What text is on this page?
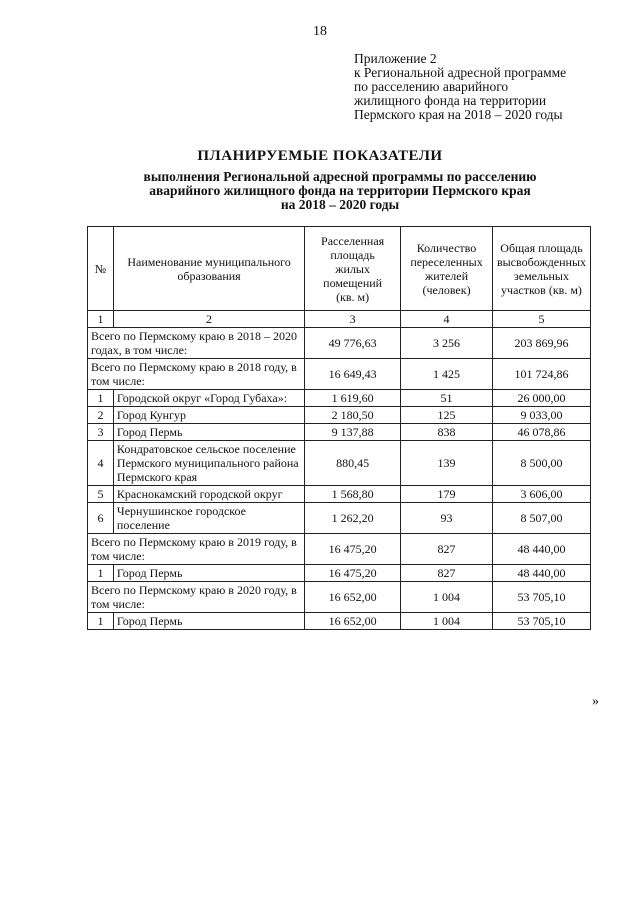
18
Приложение 2
к Региональной адресной программе
по расселению аварийного
жилищного фонда на территории
Пермского края на 2018 – 2020 годы
ПЛАНИРУЕМЫЕ ПОКАЗАТЕЛИ
выполнения Региональной адресной программы по расселению
аварийного жилищного фонда на территории Пермского края
на 2018 – 2020 годы
№	Наименование муниципального образования	Расселенная площадь жилых помещений (кв. м)	Количество переселенных жителей (человек)	Общая площадь высвобожденных земельных участков (кв. м)
1	2	3	4	5
Всего по Пермскому краю в 2018 – 2020 годах, в том числе:		49 776,63	3 256	203 869,96
Всего по Пермскому краю в 2018 году, в том числе:		16 649,43	1 425	101 724,86
1	Городской округ «Город Губаха»:	1 619,60	51	26 000,00
2	Город Кунгур	2 180,50	125	9 033,00
3	Город Пермь	9 137,88	838	46 078,86
4	Кондратовское сельское поселение Пермского муниципального района Пермского края	880,45	139	8 500,00
5	Краснокамский городской округ	1 568,80	179	3 606,00
6	Чернушинское городское поселение	1 262,20	93	8 507,00
Всего по Пермскому краю в 2019 году, в том числе:		16 475,20	827	48 440,00
1	Город Пермь	16 475,20	827	48 440,00
Всего по Пермскому краю в 2020 году, в том числе:		16 652,00	1 004	53 705,10
1	Город Пермь	16 652,00	1 004	53 705,10
»
